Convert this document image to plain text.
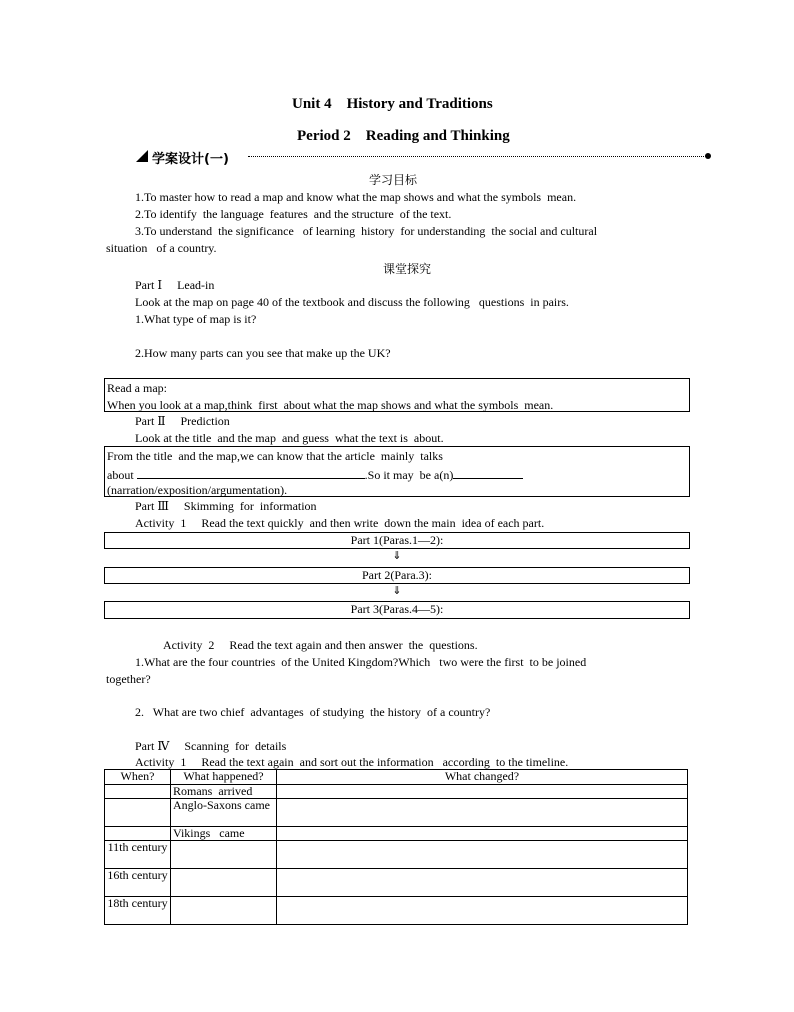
Unit 4    History and Traditions
Period 2    Reading and Thinking
学案设计(一)
学习目标
1.To master how to read a map and know what the map shows and what the symbols  mean.
2.To identify  the language  features  and the structure  of the text.
3.To understand  the significance   of learning  history  for understanding  the social and cultural
situation   of a country.
课堂探究
Part Ⅰ     Lead-in
Look at the map on page 40 of the textbook and discuss the following   questions  in pairs.
1.What type of map is it?
2.How many parts can you see that make up the UK?
Read a map:
When you look at a map,think  first  about what the map shows and what the symbols  mean.
Part Ⅱ     Prediction
Look at the title  and the map  and guess  what the text is  about.
From the title  and the map,we can know that the article  mainly  talks
about	.So it may  be a(n)
(narration/exposition/argumentation).
Part Ⅲ     Skimming  for  information
Activity  1     Read the text quickly  and then write  down the main  idea of each part.
Part 1(Paras.1—2):
⇓
Part 2(Para.3):
⇓
Part 3(Paras.4—5):
Activity  2     Read the text again and then answer  the  questions.
1.What are the four countries  of the United Kingdom?Which   two were the first  to be joined
together?
2.   What are two chief  advantages  of studying  the history  of a country?
Part Ⅳ     Scanning  for  details
Activity  1     Read the text again  and sort out the information   according  to the timeline.
When?	What happened?	What changed?
	Romans  arrived	
	Anglo-Saxons came	
	Vikings   came	
11th century		
16th century		
18th century		
